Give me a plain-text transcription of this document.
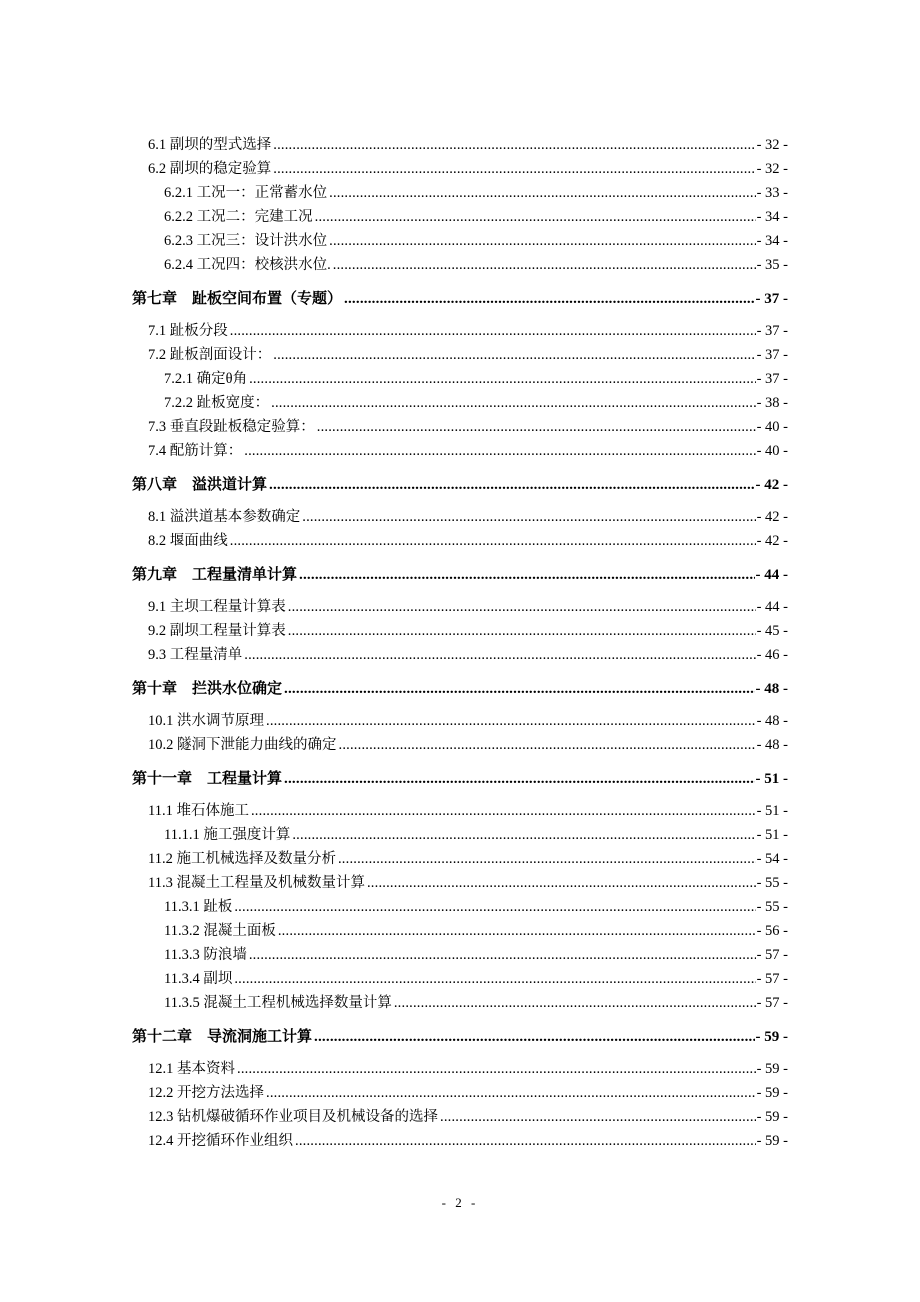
6.1 副坝的型式选择 .....	- 32 -
6.2 副坝的稳定验算 .....	- 32 -
6.2.1 工况一：正常蓄水位 .....	- 33 -
6.2.2 工况二：完建工况 .....	- 34 -
6.2.3 工况三：设计洪水位 .....	- 34 -
6.2.4 工况四：校核洪水位. .....	- 35 -
第七章　趾板空间布置（专题） .....	- 37 -
7.1 趾板分段 .....	- 37 -
7.2 趾板剖面设计： .....	- 37 -
7.2.1 确定θ角 .....	- 37 -
7.2.2 趾板宽度： .....	- 38 -
7.3 垂直段趾板稳定验算： .....	- 40 -
7.4 配筋计算： .....	- 40 -
第八章　溢洪道计算 .....	- 42 -
8.1 溢洪道基本参数确定 .....	- 42 -
8.2 堰面曲线 .....	- 42 -
第九章　工程量清单计算 .....	- 44 -
9.1 主坝工程量计算表 .....	- 44 -
9.2 副坝工程量计算表 .....	- 45 -
9.3 工程量清单 .....	- 46 -
第十章　拦洪水位确定 .....	- 48 -
10.1 洪水调节原理 .....	- 48 -
10.2 隧洞下泄能力曲线的确定 .....	- 48 -
第十一章　工程量计算 .....	- 51 -
11.1 堆石体施工 .....	- 51 -
11.1.1 施工强度计算 .....	- 51 -
11.2 施工机械选择及数量分析 .....	- 54 -
11.3 混凝土工程量及机械数量计算 .....	- 55 -
11.3.1 趾板 .....	- 55 -
11.3.2 混凝土面板 .....	- 56 -
11.3.3 防浪墙 .....	- 57 -
11.3.4 副坝 .....	- 57 -
11.3.5 混凝土工程机械选择数量计算 .....	- 57 -
第十二章　导流洞施工计算 .....	- 59 -
12.1 基本资料 .....	- 59 -
12.2 开挖方法选择 .....	- 59 -
12.3 钻机爆破循环作业项目及机械设备的选择 .....	- 59 -
12.4 开挖循环作业组织 .....	- 59 -
- 2 -
